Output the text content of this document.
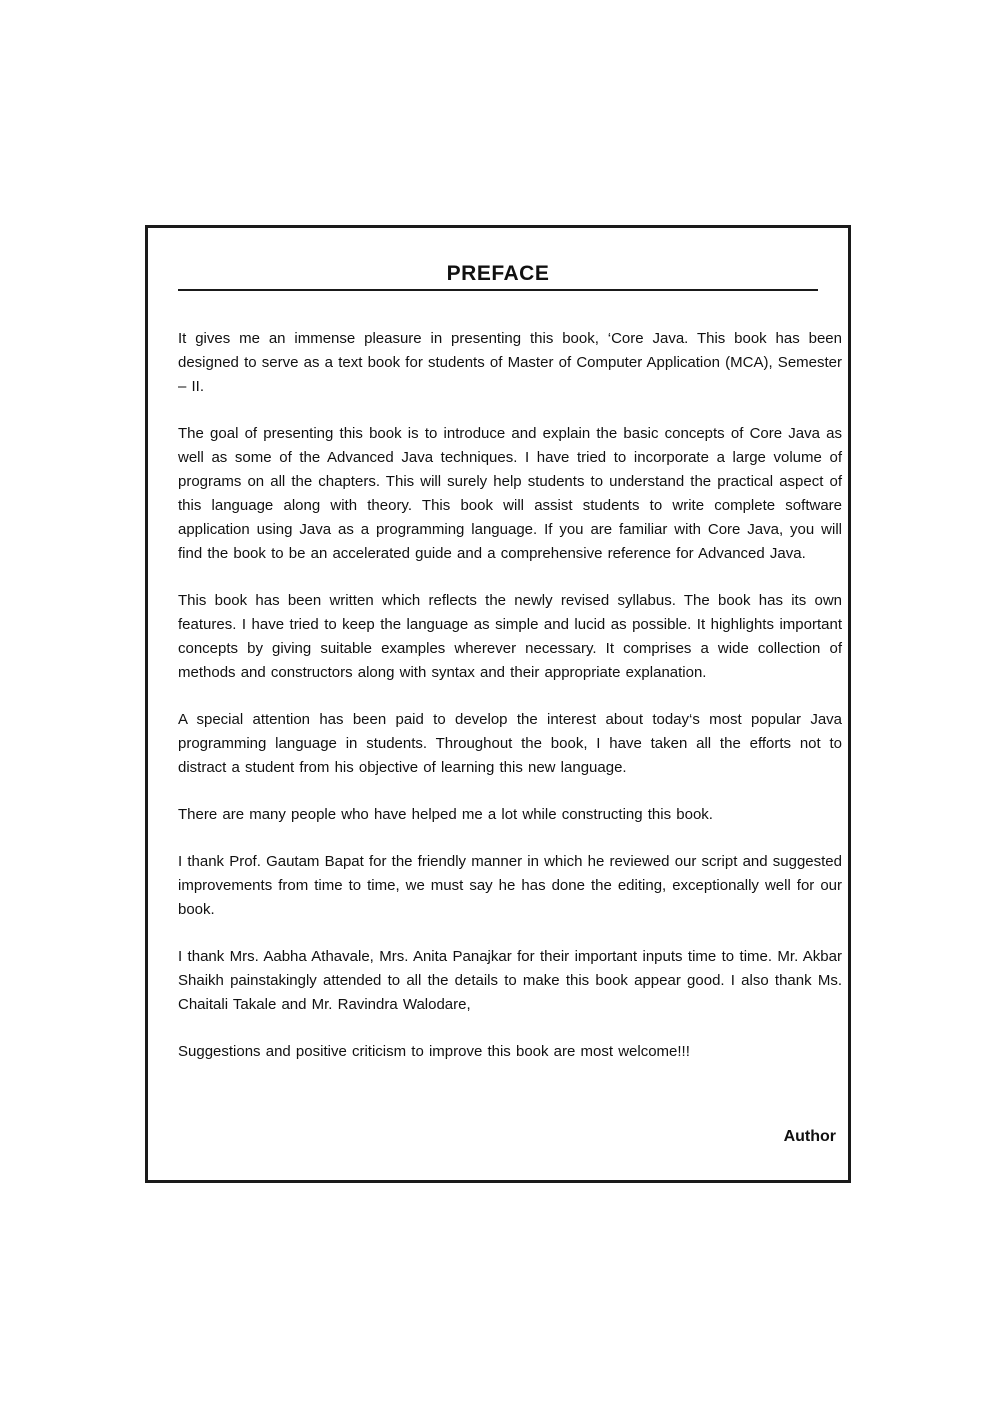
PREFACE

It gives me an immense pleasure in presenting this book, ‘Core Java. This book has been designed to serve as a text book for students of Master of Computer Application (MCA), Semester – II.

The goal of presenting this book is to introduce and explain the basic concepts of Core Java as well as some of the Advanced Java techniques. I have tried to incorporate a large volume of programs on all the chapters. This will surely help students to understand the practical aspect of this language along with theory. This book will assist students to write complete software application using Java as a programming language. If you are familiar with Core Java, you will find the book to be an accelerated guide and a comprehensive reference for Advanced Java.

This book has been written which reflects the newly revised syllabus. The book has its own features. I have tried to keep the language as simple and lucid as possible. It highlights important concepts by giving suitable examples wherever necessary. It comprises a wide collection of methods and constructors along with syntax and their appropriate explanation.

A special attention has been paid to develop the interest about today‘s most popular Java programming language in students. Throughout the book, I have taken all the efforts not to distract a student from his objective of learning this new language.

There are many people who have helped me a lot while constructing this book.

I thank Prof. Gautam Bapat for the friendly manner in which he reviewed our script and suggested improvements from time to time, we must say he has done the editing, exceptionally well for our book.

I thank Mrs. Aabha Athavale, Mrs. Anita Panajkar for their important inputs time to time. Mr. Akbar Shaikh painstakingly attended to all the details to make this book appear good. I also thank Ms. Chaitali Takale and Mr. Ravindra Walodare,

Suggestions and positive criticism to improve this book are most welcome!!!

Author
